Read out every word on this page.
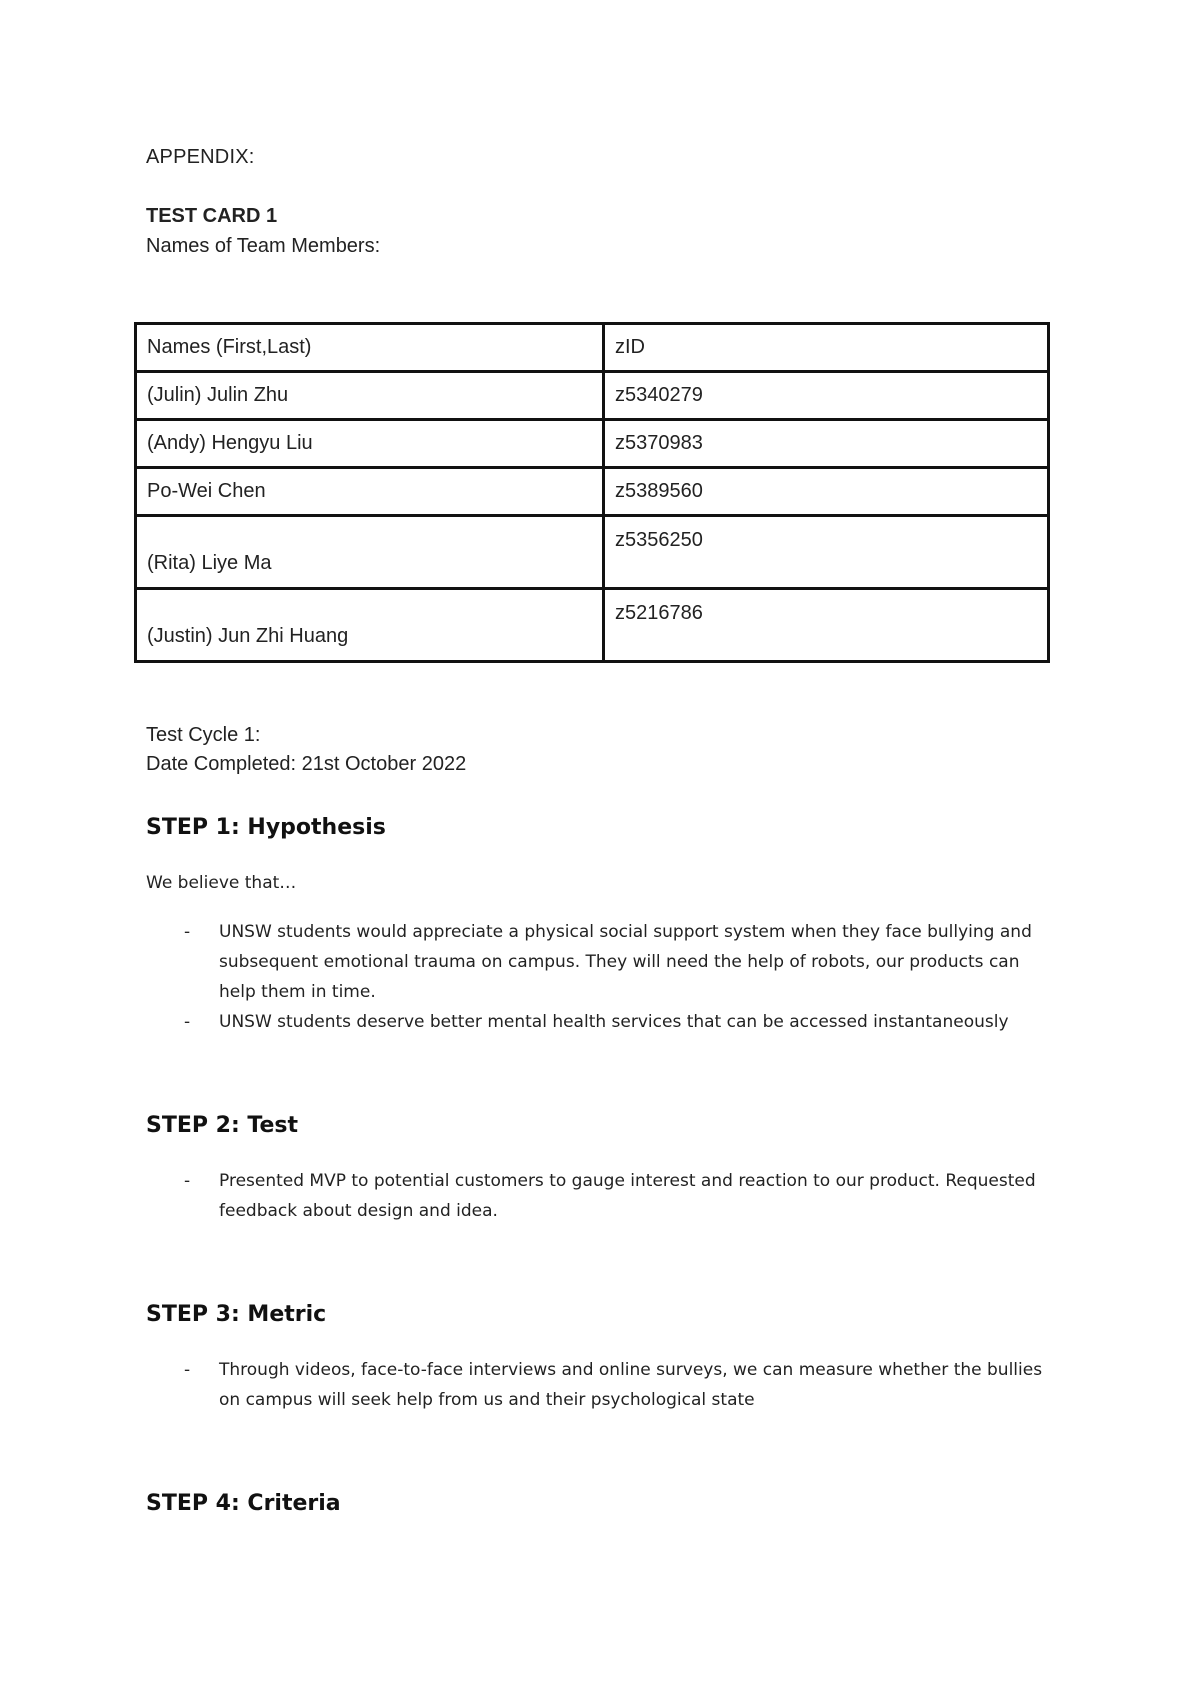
APPENDIX:
TEST CARD 1
Names of Team Members:
Names (First,Last)	zID
(Julin) Julin Zhu	z5340279
(Andy) Hengyu Liu	z5370983
Po-Wei Chen	z5389560
(Rita) Liye Ma	z5356250
(Justin) Jun Zhi Huang	z5216786
Test Cycle 1:
Date Completed: 21st October 2022
STEP 1: Hypothesis
We believe that…
- UNSW students would appreciate a physical social support system when they face bullying and
subsequent emotional trauma on campus. They will need the help of robots, our products can
help them in time.
- UNSW students deserve better mental health services that can be accessed instantaneously
STEP 2: Test
- Presented MVP to potential customers to gauge interest and reaction to our product. Requested
feedback about design and idea.
STEP 3: Metric
- Through videos, face-to-face interviews and online surveys, we can measure whether the bullies
on campus will seek help from us and their psychological state
STEP 4: Criteria
